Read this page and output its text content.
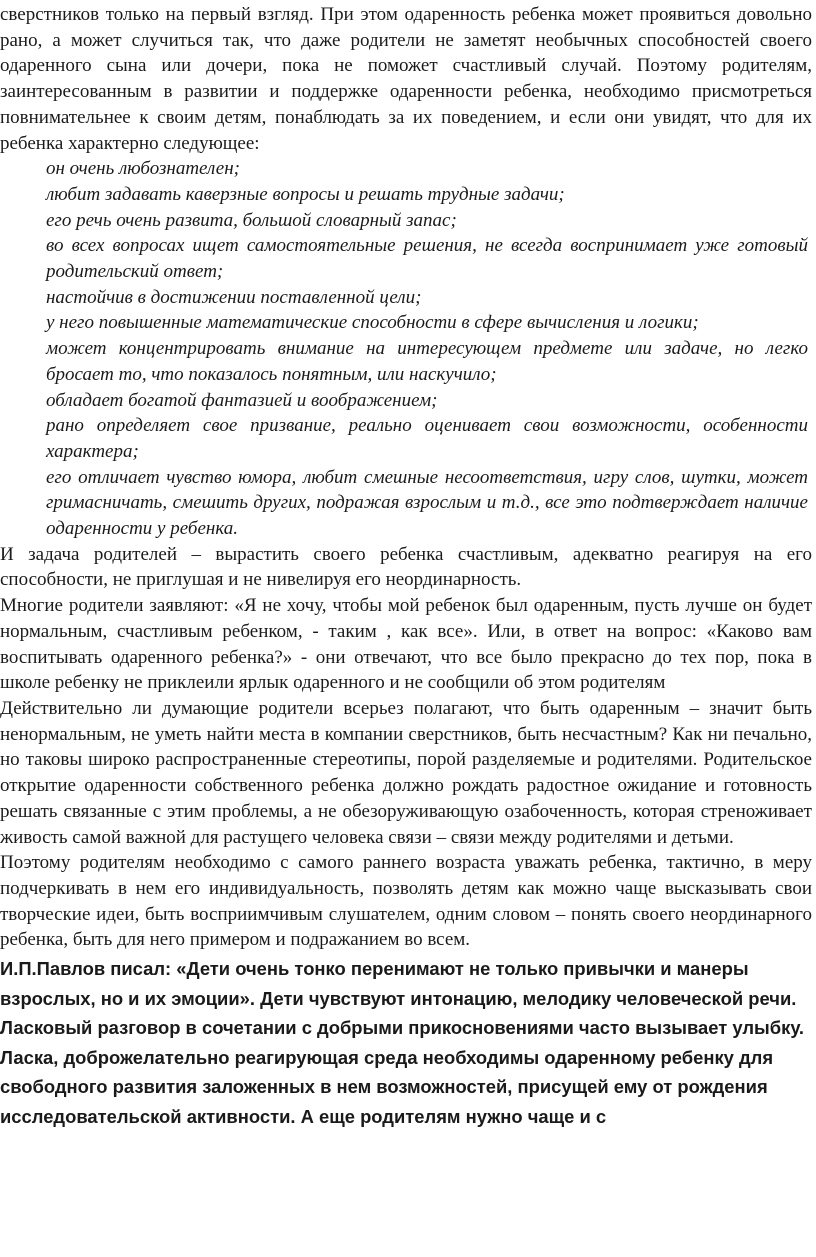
сверстников только на первый взгляд. При этом одаренность ребенка может проявиться довольно рано, а может случиться так, что даже родители не заметят необычных способностей своего одаренного сына или дочери, пока не поможет счастливый случай. Поэтому родителям, заинтересованным в развитии и поддержке одаренности ребенка, необходимо присмотреться повнимательнее к своим детям, понаблюдать за их поведением, и если они увидят, что для их ребенка характерно следующее:

он очень любознателен;
любит задавать каверзные вопросы и решать трудные задачи;
его речь очень развита, большой словарный запас;
во всех вопросах ищет самостоятельные решения, не всегда воспринимает уже готовый родительский ответ;
настойчив в достижении поставленной цели;
у него повышенные математические способности в сфере вычисления и логики;
может концентрировать внимание на интересующем предмете или задаче, но легко бросает то, что показалось понятным, или наскучило;
обладает богатой фантазией и воображением;
рано определяет свое призвание, реально оценивает свои возможности, особенности характера;
его отличает чувство юмора, любит смешные несоответствия, игру слов, шутки, может гримасничать, смешить других, подражая взрослым и т.д., все это подтверждает наличие одаренности у ребенка.

И задача родителей – вырастить своего ребенка счастливым, адекватно реагируя на его способности, не приглушая и не нивелируя его неординарность.

Многие родители заявляют: «Я не хочу, чтобы мой ребенок был одаренным, пусть лучше он будет нормальным, счастливым ребенком, - таким , как все». Или, в ответ на вопрос: «Каково вам воспитывать одаренного ребенка?» - они отвечают, что все было прекрасно до тех пор, пока в школе ребенку не приклеили ярлык одаренного и не сообщили об этом родителям

Действительно ли думающие родители всерьез полагают, что быть одаренным – значит быть ненормальным, не уметь найти места в компании сверстников, быть несчастным? Как ни печально, но таковы широко распространенные стереотипы, порой разделяемые и родителями. Родительское открытие одаренности собственного ребенка должно рождать радостное ожидание и готовность решать связанные с этим проблемы, а не обезоруживающую озабоченность, которая стреноживает живость самой важной для растущего человека связи – связи между родителями и детьми.

Поэтому родителям необходимо с самого раннего возраста уважать ребенка, тактично, в меру подчеркивать в нем его индивидуальность, позволять детям как можно чаще высказывать свои творческие идеи, быть восприимчивым слушателем, одним словом – понять своего неординарного ребенка, быть для него примером и подражанием во всем.

И.П.Павлов писал: «Дети очень тонко перенимают не только привычки и манеры взрослых, но и их эмоции». Дети чувствуют интонацию, мелодику человеческой речи. Ласковый разговор в сочетании с добрыми прикосновениями часто вызывает улыбку. Ласка, доброжелательно реагирующая среда необходимы одаренному ребенку для свободного развития заложенных в нем возможностей, присущей ему от рождения исследовательской активности. А еще родителям нужно чаще и с
